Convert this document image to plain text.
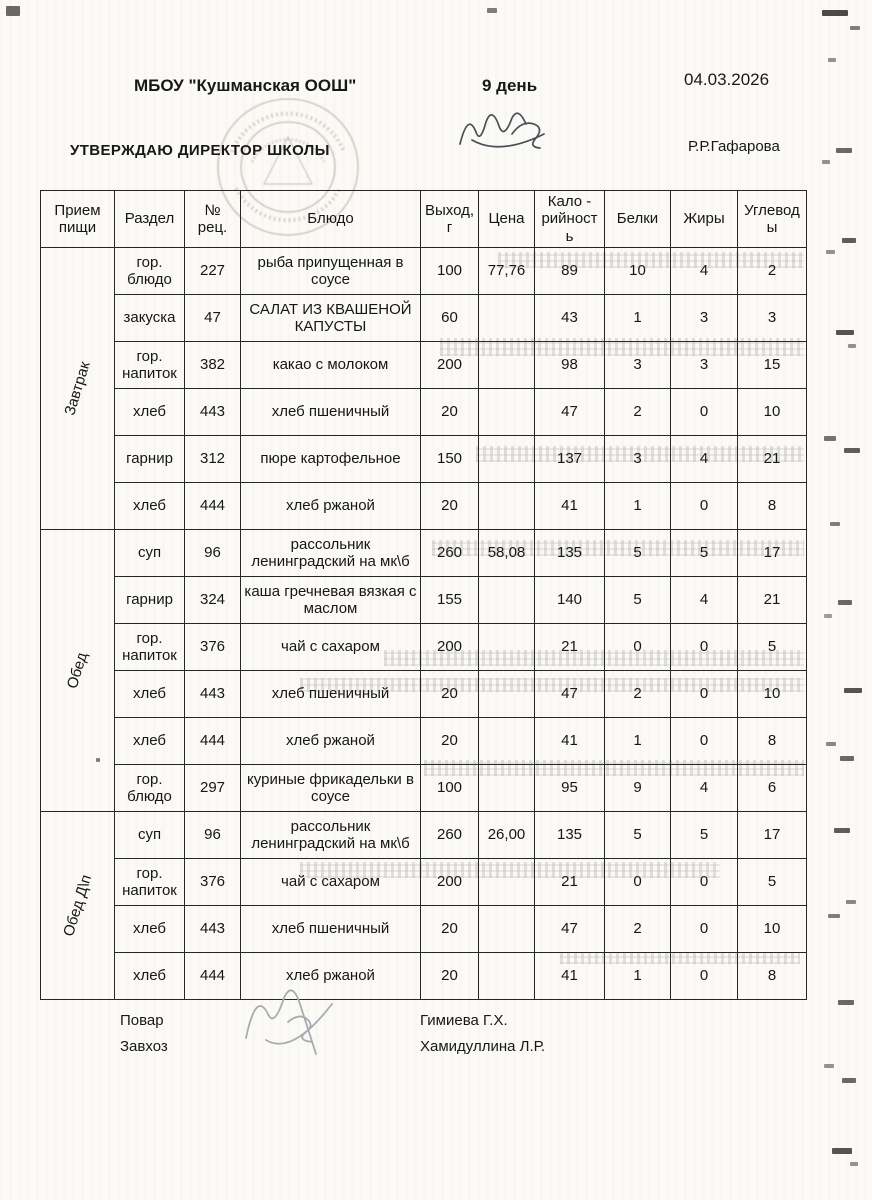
МБОУ "Кушманская ООШ"	9 день	04.03.2026
УТВЕРЖДАЮ ДИРЕКТОР ШКОЛЫ	Р.Р.Гафарова
Прием пищи	Раздел	№ рец.	Блюдо	Выход, г	Цена	Кало - рийность	Белки	Жиры	Углеводы
Завтрак	гор. блюдо	227	рыба припущенная в соусе	100	77,76	89	10	4	2
	закуска	47	САЛАТ ИЗ КВАШЕНОЙ КАПУСТЫ	60		43	1	3	3
	гор. напиток	382	какао с молоком	200		98	3	3	15
	хлеб	443	хлеб пшеничный	20		47	2	0	10
	гарнир	312	пюре картофельное	150		137	3	4	21
	хлеб	444	хлеб ржаной	20		41	1	0	8
Обед	суп	96	рассольник ленинградский на мк\б	260	58,08	135	5	5	17
	гарнир	324	каша гречневая вязкая с маслом	155		140	5	4	21
	гор. напиток	376	чай с сахаром	200		21	0	0	5
	хлеб	443	хлеб пшеничный	20		47	2	0	10
	хлеб	444	хлеб ржаной	20		41	1	0	8
	гор. блюдо	297	куриные фрикадельки в соусе	100		95	9	4	6
Обед Д\п	суп	96	рассольник ленинградский на мк\б	260	26,00	135	5	5	17
	гор. напиток	376	чай с сахаром	200		21	0	0	5
	хлеб	443	хлеб пшеничный	20		47	2	0	10
	хлеб	444	хлеб ржаной	20		41	1	0	8
Повар
Завхоз
Гимиева Г.Х.
Хамидуллина Л.Р.
